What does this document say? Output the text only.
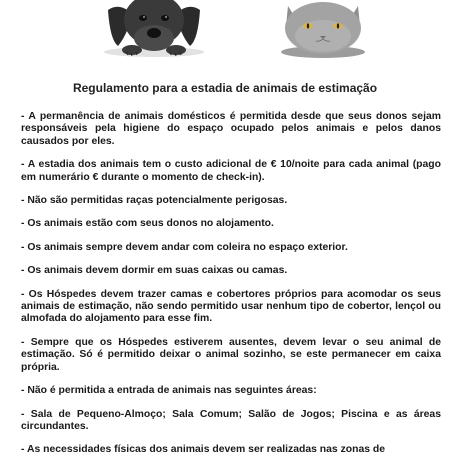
Regulamento para a estadia de animais de estimação

- A permanência de animais domésticos é permitida desde que seus donos sejam responsáveis pela higiene do espaço ocupado pelos animais e pelos danos causados por eles.

- A estadia dos animais tem o custo adicional de € 10/noite para cada animal (pago em numerário € durante o momento de check-in).

- Não são permitidas raças potencialmente perigosas.

- Os animais estão com seus donos no alojamento.

- Os animais sempre devem andar com coleira no espaço exterior.

- Os animais devem dormir em suas caixas ou camas.

- Os Hóspedes devem trazer camas e cobertores próprios para acomodar os seus animais de estimação, não sendo permitido usar nenhum tipo de cobertor, lençol ou almofada do alojamento para esse fim.

- Sempre que os Hóspedes estiverem ausentes, devem levar o seu animal de estimação. Só é permitido deixar o animal sozinho, se este permanecer em caixa própria.

- Não é permitida a entrada de animais nas seguintes áreas:

- Sala de Pequeno-Almoço; Sala Comum; Salão de Jogos; Piscina e as áreas circundantes.

- As necessidades físicas dos animais devem ser realizadas nas zonas de
